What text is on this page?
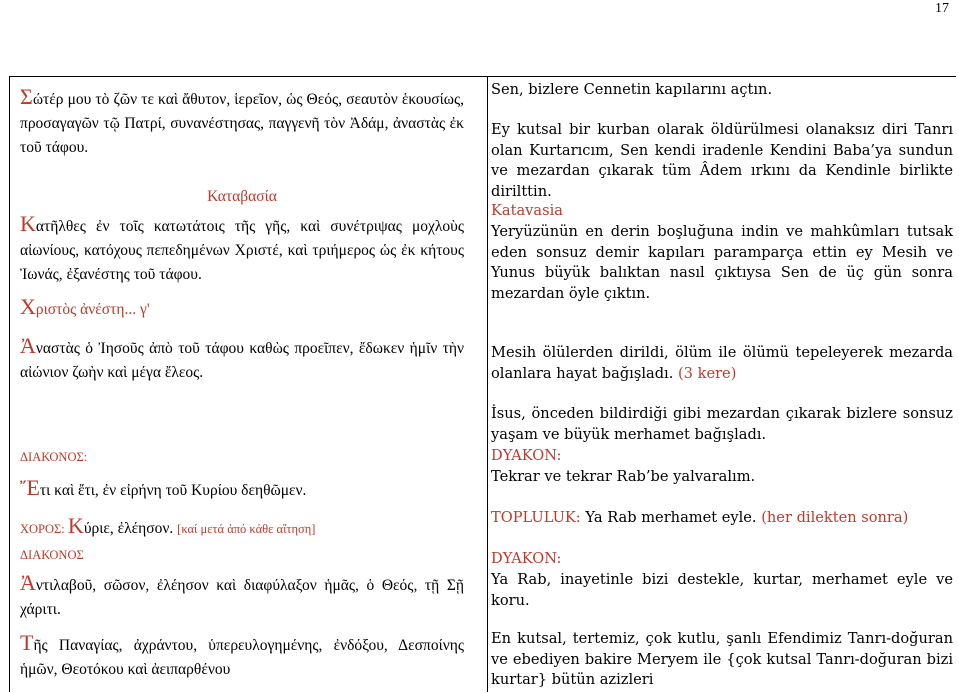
17

Σώτέρ μου τὸ ζῶν τε καὶ ἄθυτον, ἱερεῖον, ὡς Θεός, σεαυτὸν ἑκουσίως, προσαγαγῶν τῷ Πατρί, συνανέστησας, παγγενῆ τὸν Ἀδάμ, ἀναστὰς ἐκ τοῦ τάφου.

Καταβασία

Κατῆλθες ἐν τοῖς κατωτάτοις τῆς γῆς, καὶ συνέτριψας μοχλοὺς αἰωνίους, κατόχους πεπεδημένων Χριστέ, καὶ τριήμερος ὡς ἐκ κήτους Ἰωνάς, ἐξανέστης τοῦ τάφου.

Χριστὸς ἀνέστη... γ'

Ἀναστὰς ὁ Ἰησοῦς ἀπὸ τοῦ τάφου καθὼς προεῖπεν, ἔδωκεν ἡμῖν τὴν αἰώνιον ζωὴν καὶ μέγα ἔλεος.

ΔΙΑΚΟΝΟΣ:
Ἔτι καὶ ἔτι, ἐν εἰρήνη τοῦ Κυρίου δεηθῶμεν.
ΧΟΡΟΣ: Κύριε, ἐλέησον. [καί μετά ἀπό κάθε αἴτηση]
ΔΙΑΚΟΝΟΣ

Ἀντιλαβοῦ, σῶσον, ἐλέησον καὶ διαφύλαξον ἡμᾶς, ὁ Θεός, τῇ Σῇ χάριτι.

Τῆς Παναγίας, ἀχράντου, ὑπερευλογημένης, ἐνδόξου, Δεσποίνης ἡμῶν, Θεοτόκου καὶ ἀειπαρθένου

Sen, bizlere Cennetin kapılarını açtın.

Ey kutsal bir kurban olarak öldürülmesi olanaksız diri Tanrı olan Kurtarıcım, Sen kendi iradenle Kendini Baba’ya sundun ve mezardan çıkarak tüm Âdem ırkını da Kendinle birlikte dirilttin.

Katavasia

Yeryüzünün en derin boşluğuna indin ve mahkûmları tutsak eden sonsuz demir kapıları paramparça ettin ey Mesih ve Yunus büyük balıktan nasıl çıktıysa Sen de üç gün sonra mezardan öyle çıktın.

Mesih ölülerden dirildi, ölüm ile ölümü tepeleyerek mezarda olanlara hayat bağışladı. (3 kere)

İsus, önceden bildirdiği gibi mezardan çıkarak bizlere sonsuz yaşam ve büyük merhamet bağışladı.

DYAKON:
Tekrar ve tekrar Rab’be yalvaralım.
TOPLULUK: Ya Rab merhamet eyle. (her dilekten sonra)
DYAKON:

Ya Rab, inayetinle bizi destekle, kurtar, merhamet eyle ve koru.

En kutsal, tertemiz, çok kutlu, şanlı Efendimiz Tanrı-doğuran ve ebediyen bakire Meryem ile {çok kutsal Tanrı-doğuran bizi kurtar} bütün azizleri
